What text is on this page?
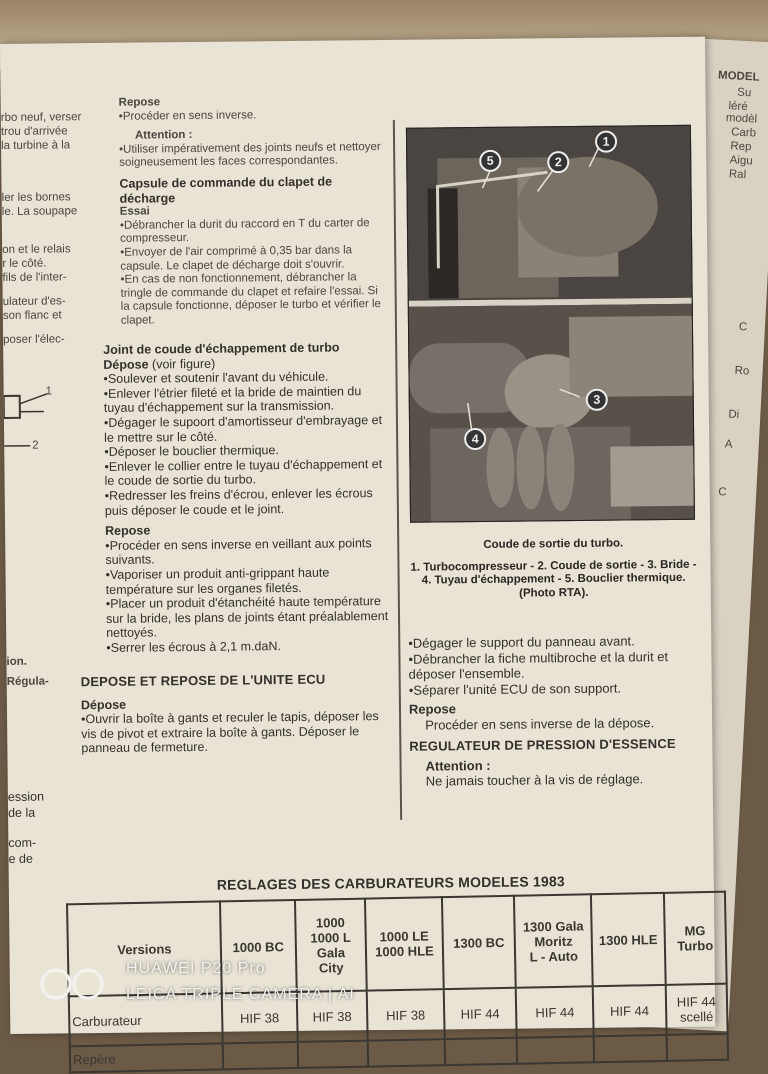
MODEL
Su
léré
modèl
Carb
Rep
Aigu
Ral
C
Ro
Di
A
C
rbo neuf, verser
trou d'arrivée
la turbine à la
ler les bornes
le. La soupape
on et le relais
r le côté.
fils de l'inter-
ulateur d'es-
son flanc et
poser l'élec-
ion.
Régula-
ession
de la
com-
e de
1
2

Repose

• Procéder en sens inverse.

Attention :

• Utiliser impérativement des joints neufs et nettoyer soigneusement les faces correspondantes.

Capsule de commande du clapet de décharge

Essai

• Débrancher la durit du raccord en T du carter de compresseur.

• Envoyer de l'air comprimé à 0,35 bar dans la capsule. Le clapet de décharge doit s'ouvrir.

• En cas de non fonctionnement, débrancher la tringle de commande du clapet et refaire l'essai. Si la capsule fonctionne, déposer le turbo et vérifier le clapet.

Joint de coude d'échappement de turbo

Dépose (voir figure)

• Soulever et soutenir l'avant du véhicule.

• Enlever l'étrier fileté et la bride de maintien du tuyau d'échappement sur la transmission.

• Dégager le supoort d'amortisseur d'embrayage et le mettre sur le côté.

• Déposer le bouclier thermique.

• Enlever le collier entre le tuyau d'échappement et le coude de sortie du turbo.

• Redresser les freins d'écrou, enlever les écrous puis déposer le coude et le joint.

Repose

• Procéder en sens inverse en veillant aux points suivants.

• Vaporiser un produit anti-grippant haute température sur les organes filetés.

• Placer un produit d'étanchéité haute température sur la bride, les plans de joints étant préalablement nettoyés.

• Serrer les écrous à 2,1 m.daN.

DEPOSE ET REPOSE DE L'UNITE ECU

Dépose

• Ouvrir la boîte à gants et reculer le tapis, déposer les vis de pivot et extraire la boîte à gants. Déposer le panneau de fermeture.

5	2
1
3
4

Coude de sortie du turbo.

1. Turbocompresseur - 2. Coude de sortie - 3. Bride - 4. Tuyau d'échappement - 5. Bouclier thermique. (Photo RTA).

• Dégager le support du panneau avant.

• Débrancher la fiche multibroche et la durit et déposer l'ensemble.

• Séparer l'unité ECU de son support.

Repose

Procéder en sens inverse de la dépose.

REGULATEUR DE PRESSION D'ESSENCE

Attention :

Ne jamais toucher à la vis de réglage.

REGLAGES DES CARBURATEURS MODELES 1983
Versions	1000 BC	1000
1000 L
Gala
City	1000 LE
1000 HLE	1300 BC	1300 Gala
Moritz
L - Auto	1300 HLE	MG
Turbo
Carburateur	HIF 38	HIF 38	HIF 38	HIF 44	HIF 44	HIF 44	HIF 44
scellé
Repère							
HUAWEI P20 Pro
LEICA TRIPLE CAMERA | AI
